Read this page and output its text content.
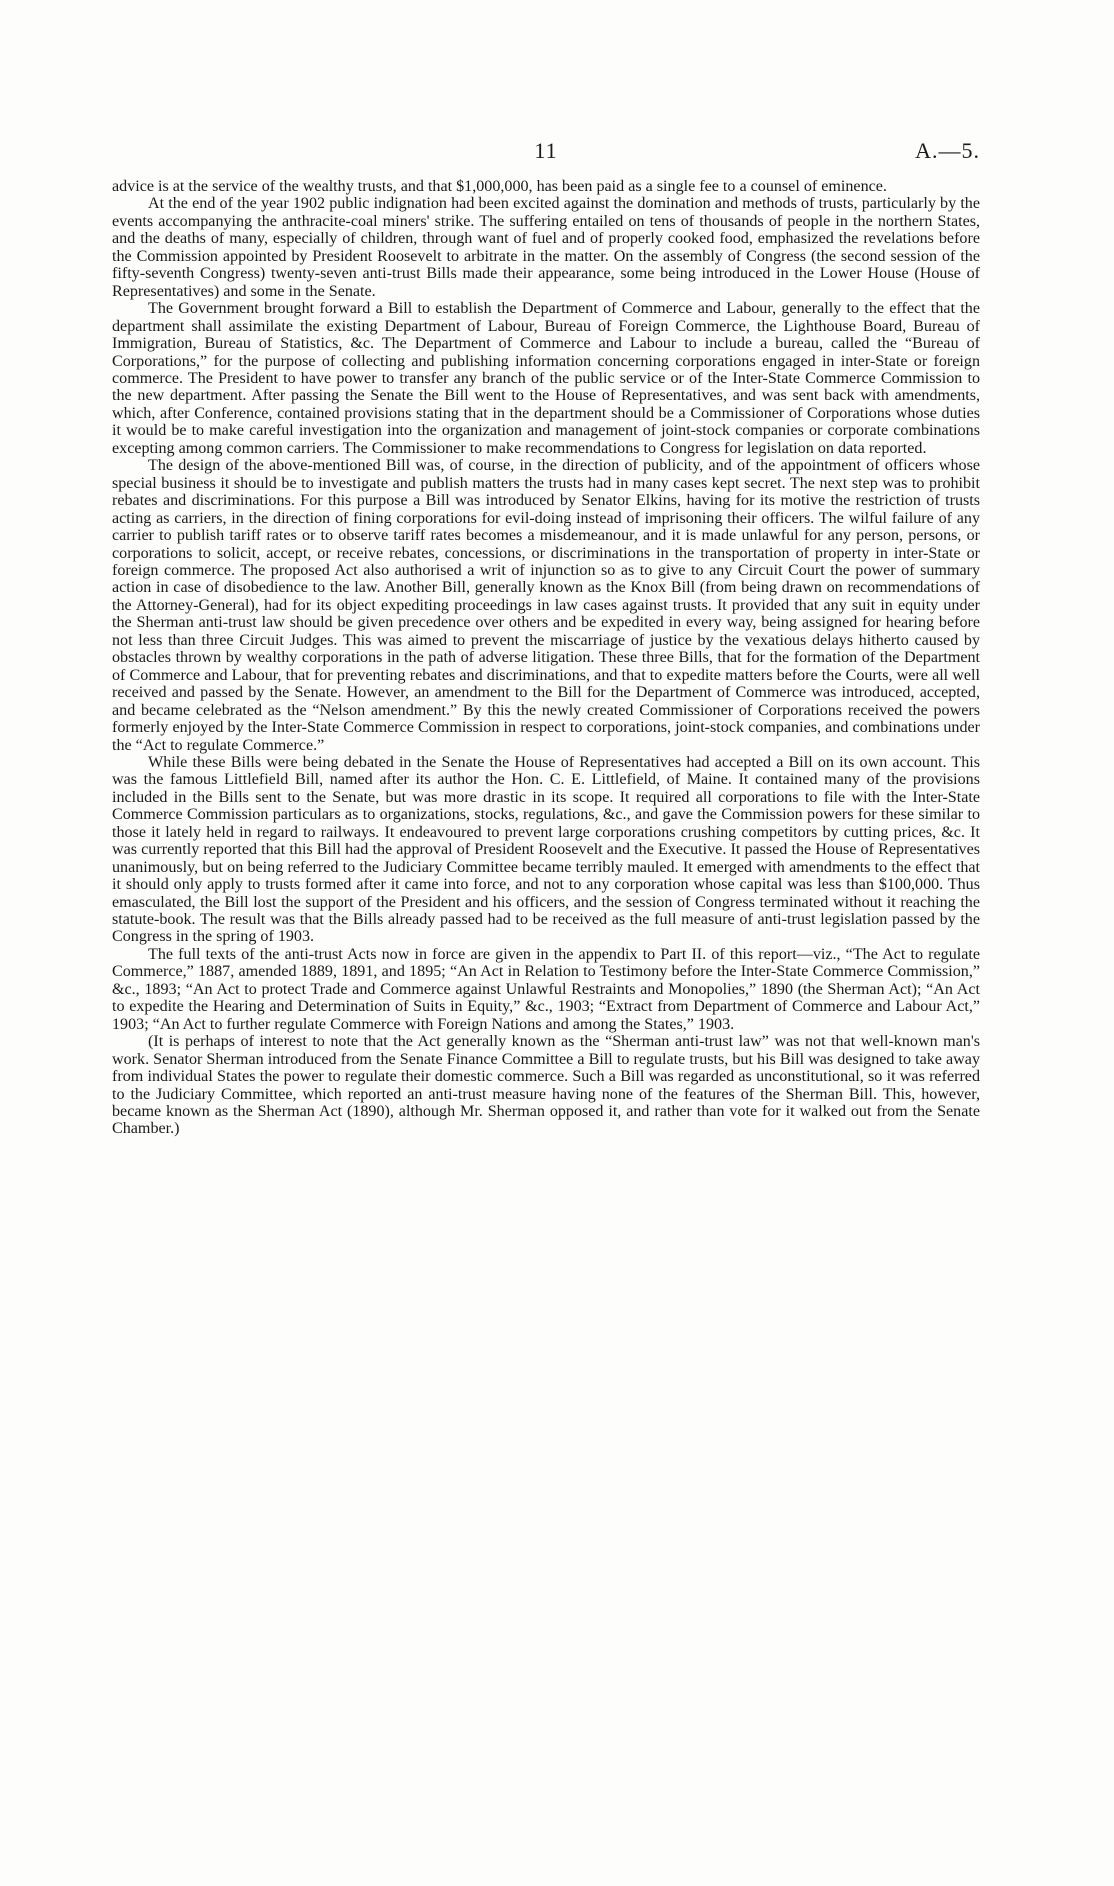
11	A.—5.

advice is at the service of the wealthy trusts, and that $1,000,000, has been paid as a single fee to a counsel of eminence.

At the end of the year 1902 public indignation had been excited against the domination and methods of trusts, particularly by the events accompanying the anthracite-coal miners' strike. The suffering entailed on tens of thousands of people in the northern States, and the deaths of many, especially of children, through want of fuel and of properly cooked food, emphasized the revelations before the Commission appointed by President Roosevelt to arbitrate in the matter. On the assembly of Congress (the second session of the fifty-seventh Congress) twenty-seven anti-trust Bills made their appearance, some being introduced in the Lower House (House of Representatives) and some in the Senate.

The Government brought forward a Bill to establish the Department of Commerce and Labour, generally to the effect that the department shall assimilate the existing Department of Labour, Bureau of Foreign Commerce, the Lighthouse Board, Bureau of Immigration, Bureau of Statistics, &c. The Department of Commerce and Labour to include a bureau, called the “Bureau of Corporations,” for the purpose of collecting and publishing information concerning corporations engaged in inter-State or foreign commerce. The President to have power to transfer any branch of the public service or of the Inter-State Commerce Commission to the new department. After passing the Senate the Bill went to the House of Representatives, and was sent back with amendments, which, after Conference, contained provisions stating that in the department should be a Commissioner of Corporations whose duties it would be to make careful investigation into the organization and management of joint-stock companies or corporate combinations excepting among common carriers. The Commissioner to make recommendations to Congress for legislation on data reported.

The design of the above-mentioned Bill was, of course, in the direction of publicity, and of the appointment of officers whose special business it should be to investigate and publish matters the trusts had in many cases kept secret. The next step was to prohibit rebates and discriminations. For this purpose a Bill was introduced by Senator Elkins, having for its motive the restriction of trusts acting as carriers, in the direction of fining corporations for evil-doing instead of imprisoning their officers. The wilful failure of any carrier to publish tariff rates or to observe tariff rates becomes a misdemeanour, and it is made unlawful for any person, persons, or corporations to solicit, accept, or receive rebates, concessions, or discriminations in the transportation of property in inter-State or foreign commerce. The proposed Act also authorised a writ of injunction so as to give to any Circuit Court the power of summary action in case of disobedience to the law. Another Bill, generally known as the Knox Bill (from being drawn on recommendations of the Attorney-General), had for its object expediting proceedings in law cases against trusts. It provided that any suit in equity under the Sherman anti-trust law should be given precedence over others and be expedited in every way, being assigned for hearing before not less than three Circuit Judges. This was aimed to prevent the miscarriage of justice by the vexatious delays hitherto caused by obstacles thrown by wealthy corporations in the path of adverse litigation. These three Bills, that for the formation of the Department of Commerce and Labour, that for preventing rebates and discriminations, and that to expedite matters before the Courts, were all well received and passed by the Senate. However, an amendment to the Bill for the Department of Commerce was introduced, accepted, and became celebrated as the “Nelson amendment.” By this the newly created Commissioner of Corporations received the powers formerly enjoyed by the Inter-State Commerce Commission in respect to corporations, joint-stock companies, and combinations under the “Act to regulate Commerce.”

While these Bills were being debated in the Senate the House of Representatives had accepted a Bill on its own account. This was the famous Littlefield Bill, named after its author the Hon. C. E. Littlefield, of Maine. It contained many of the provisions included in the Bills sent to the Senate, but was more drastic in its scope. It required all corporations to file with the Inter-State Commerce Commission particulars as to organizations, stocks, regulations, &c., and gave the Commission powers for these similar to those it lately held in regard to railways. It endeavoured to prevent large corporations crushing competitors by cutting prices, &c. It was currently reported that this Bill had the approval of President Roosevelt and the Executive. It passed the House of Representatives unanimously, but on being referred to the Judiciary Committee became terribly mauled. It emerged with amendments to the effect that it should only apply to trusts formed after it came into force, and not to any corporation whose capital was less than $100,000. Thus emasculated, the Bill lost the support of the President and his officers, and the session of Congress terminated without it reaching the statute-book. The result was that the Bills already passed had to be received as the full measure of anti-trust legislation passed by the Congress in the spring of 1903.

The full texts of the anti-trust Acts now in force are given in the appendix to Part II. of this report—viz., “The Act to regulate Commerce,” 1887, amended 1889, 1891, and 1895; “An Act in Relation to Testimony before the Inter-State Commerce Commission,” &c., 1893; “An Act to protect Trade and Commerce against Unlawful Restraints and Monopolies,” 1890 (the Sherman Act); “An Act to expedite the Hearing and Determination of Suits in Equity,” &c., 1903; “Extract from Department of Commerce and Labour Act,” 1903; “An Act to further regulate Commerce with Foreign Nations and among the States,” 1903.

(It is perhaps of interest to note that the Act generally known as the “Sherman anti-trust law” was not that well-known man's work. Senator Sherman introduced from the Senate Finance Committee a Bill to regulate trusts, but his Bill was designed to take away from individual States the power to regulate their domestic commerce. Such a Bill was regarded as unconstitutional, so it was referred to the Judiciary Committee, which reported an anti-trust measure having none of the features of the Sherman Bill. This, however, became known as the Sherman Act (1890), although Mr. Sherman opposed it, and rather than vote for it walked out from the Senate Chamber.)
